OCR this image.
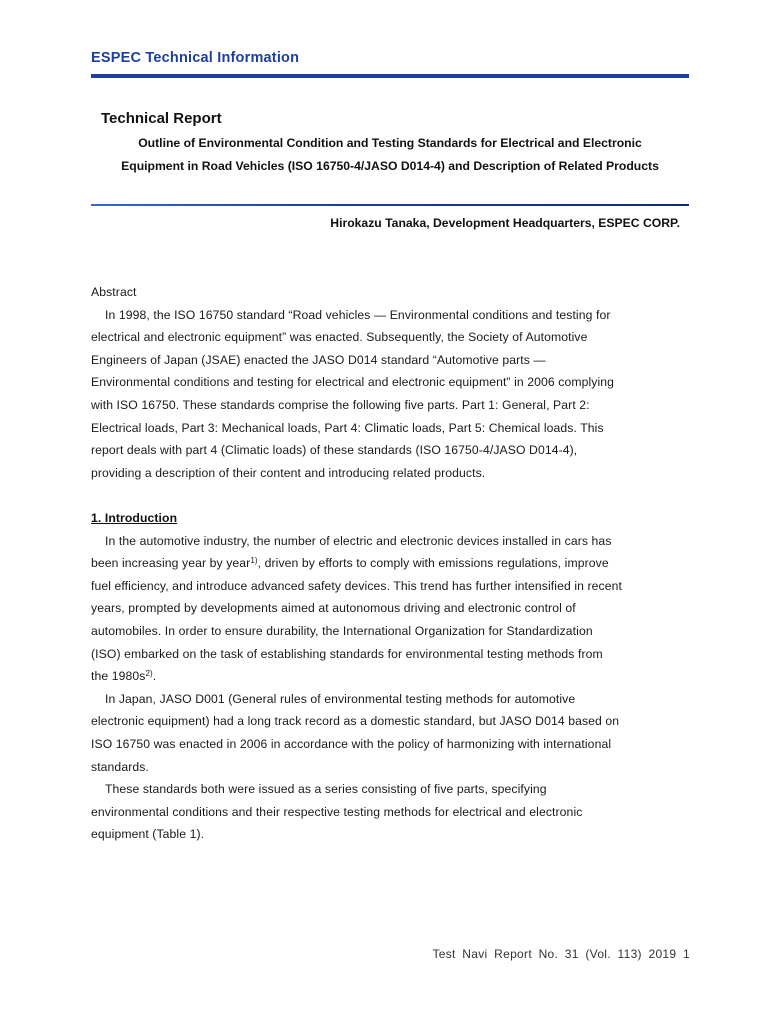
ESPEC Technical Information
Technical Report
Outline of Environmental Condition and Testing Standards for Electrical and Electronic
Equipment in Road Vehicles (ISO 16750-4/JASO D014-4) and Description of Related Products
Hirokazu Tanaka, Development Headquarters, ESPEC CORP.
Abstract
In 1998, the ISO 16750 standard “Road vehicles — Environmental conditions and testing for
electrical and electronic equipment” was enacted. Subsequently, the Society of Automotive
Engineers of Japan (JSAE) enacted the JASO D014 standard “Automotive parts —
Environmental conditions and testing for electrical and electronic equipment” in 2006 complying
with ISO 16750. These standards comprise the following five parts. Part 1: General, Part 2:
Electrical loads, Part 3: Mechanical loads, Part 4: Climatic loads, Part 5: Chemical loads. This
report deals with part 4 (Climatic loads) of these standards (ISO 16750-4/JASO D014-4),
providing a description of their content and introducing related products.
1. Introduction
In the automotive industry, the number of electric and electronic devices installed in cars has
been increasing year by year$^{1)}$, driven by efforts to comply with emissions regulations, improve
fuel efficiency, and introduce advanced safety devices. This trend has further intensified in recent
years, prompted by developments aimed at autonomous driving and electronic control of
automobiles. In order to ensure durability, the International Organization for Standardization
(ISO) embarked on the task of establishing standards for environmental testing methods from
the $1980s^{2)}$.
In Japan, JASO D001 (General rules of environmental testing methods for automotive
electronic equipment) had a long track record as a domestic standard, but JASO D014 based on
ISO 16750 was enacted in 2006 in accordance with the policy of harmonizing with international
standards.
These standards both were issued as a series consisting of five parts, specifying
environmental conditions and their respective testing methods for electrical and electronic
equipment (Table 1).
Test Navi Report No. 31 (Vol. 113) 2019 1
